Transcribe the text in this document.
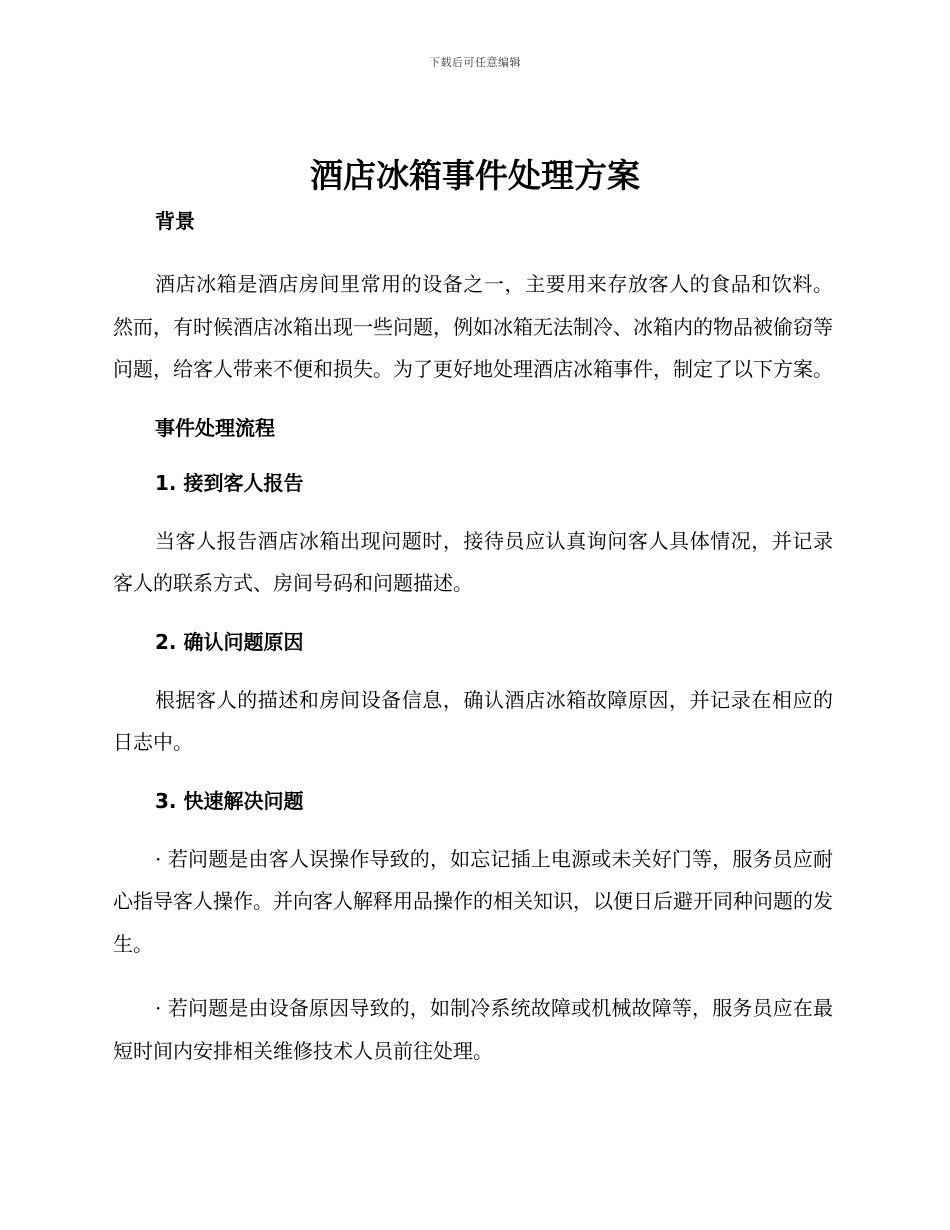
下载后可任意编辑
酒店冰箱事件处理方案

背景

酒店冰箱是酒店房间里常用的设备之一，主要用来存放客人的食品和饮料。然而，有时候酒店冰箱出现一些问题，例如冰箱无法制冷、冰箱内的物品被偷窃等问题，给客人带来不便和损失。为了更好地处理酒店冰箱事件，制定了以下方案。

事件处理流程

1. 接到客人报告

当客人报告酒店冰箱出现问题时，接待员应认真询问客人具体情况，并记录客人的联系方式、房间号码和问题描述。

2. 确认问题原因

根据客人的描述和房间设备信息，确认酒店冰箱故障原因，并记录在相应的日志中。

3. 快速解决问题

· 若问题是由客人误操作导致的，如忘记插上电源或未关好门等，服务员应耐心指导客人操作。并向客人解释用品操作的相关知识，以便日后避开同种问题的发生。

· 若问题是由设备原因导致的，如制冷系统故障或机械故障等，服务员应在最短时间内安排相关维修技术人员前往处理。
